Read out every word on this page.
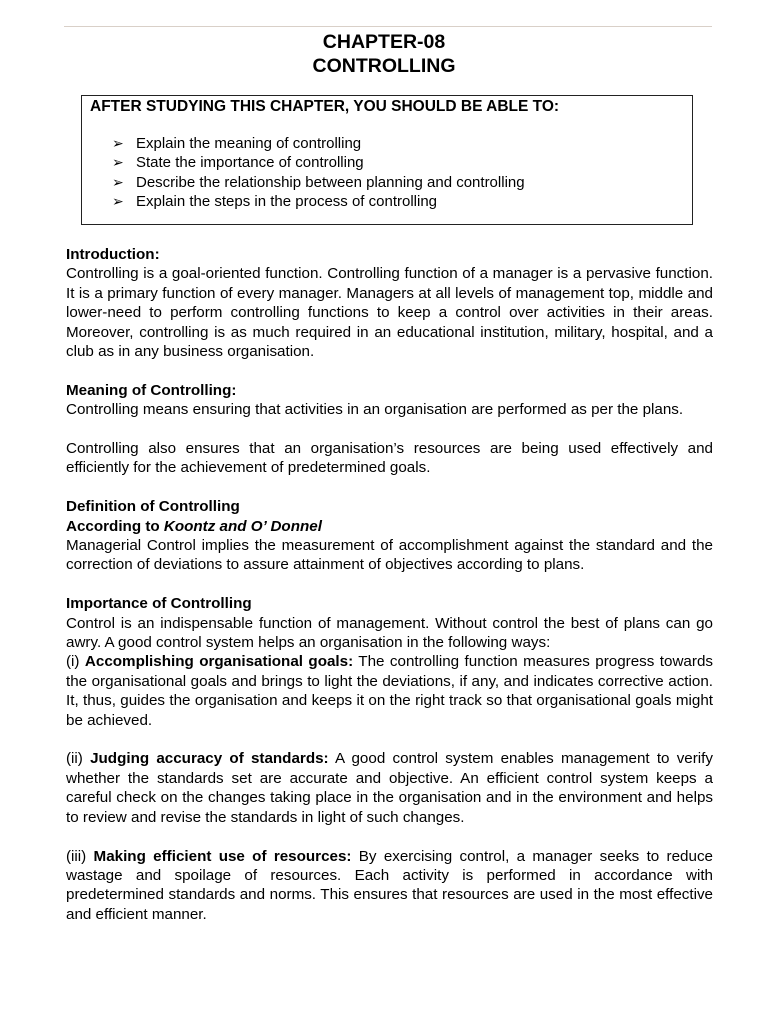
CHAPTER-08
CONTROLLING
AFTER STUDYING THIS CHAPTER, YOU SHOULD BE ABLE TO:
➢ Explain the meaning of controlling
➢ State the importance of controlling
➢ Describe the relationship between planning and controlling
➢ Explain the steps in the process of controlling
Introduction:

Controlling is a goal-oriented function. Controlling function of a manager is a pervasive function. It is a primary function of every manager. Managers at all levels of management top, middle and lower-need to perform controlling functions to keep a control over activities in their areas. Moreover, controlling is as much required in an educational institution, military, hospital, and a club as in any business organisation.

Meaning of Controlling:

Controlling means ensuring that activities in an organisation are performed as per the plans.

Controlling also ensures that an organisation’s resources are being used effectively and efficiently for the achievement of predetermined goals.

Definition of Controlling
According to Koontz and O’ Donnel

Managerial Control implies the measurement of accomplishment against the standard and the correction of deviations to assure attainment of objectives according to plans.

Importance of Controlling

Control is an indispensable function of management. Without control the best of plans can go awry. A good control system helps an organisation in the following ways:

(i) Accomplishing organisational goals: The controlling function measures progress towards the organisational goals and brings to light the deviations, if any, and indicates corrective action. It, thus, guides the organisation and keeps it on the right track so that organisational goals might be achieved.

(ii) Judging accuracy of standards: A good control system enables management to verify whether the standards set are accurate and objective. An efficient control system keeps a careful check on the changes taking place in the organisation and in the environment and helps to review and revise the standards in light of such changes.

(iii) Making efficient use of resources: By exercising control, a manager seeks to reduce wastage and spoilage of resources. Each activity is performed in accordance with predetermined standards and norms. This ensures that resources are used in the most effective and efficient manner.
